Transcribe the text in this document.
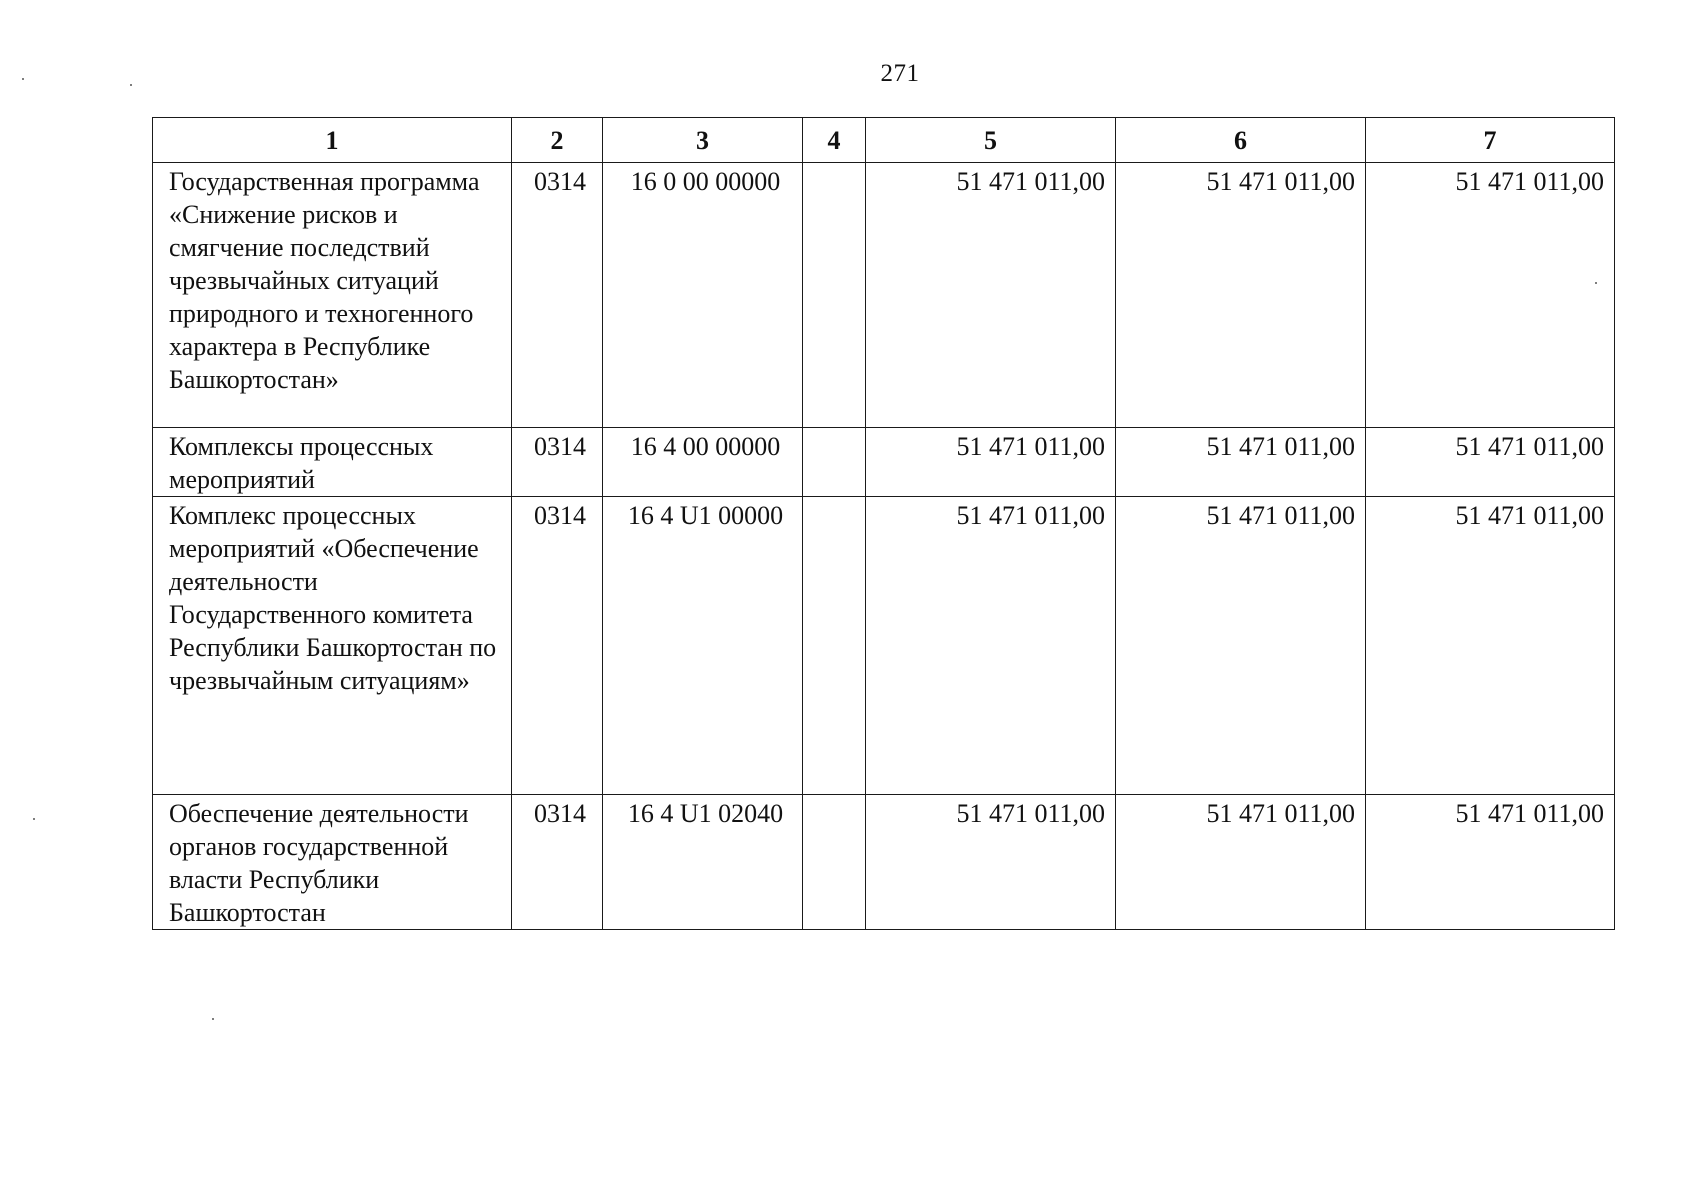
271
1	2	3	4	5	6	7
Государственная программа «Снижение рисков и смягчение последствий чрезвычайных ситуаций природного и техногенного характера в Республике Башкортостан»	0314	16 0 00 00000		51 471 011,00	51 471 011,00	51 471 011,00
Комплексы процессных мероприятий	0314	16 4 00 00000		51 471 011,00	51 471 011,00	51 471 011,00
Комплекс процессных мероприятий «Обеспечение деятельности Государственного комитета Республики Башкортостан по чрезвычайным ситуациям»	0314	16 4 U1 00000		51 471 011,00	51 471 011,00	51 471 011,00
Обеспечение деятельности органов государственной власти Республики Башкортостан	0314	16 4 U1 02040		51 471 011,00	51 471 011,00	51 471 011,00
